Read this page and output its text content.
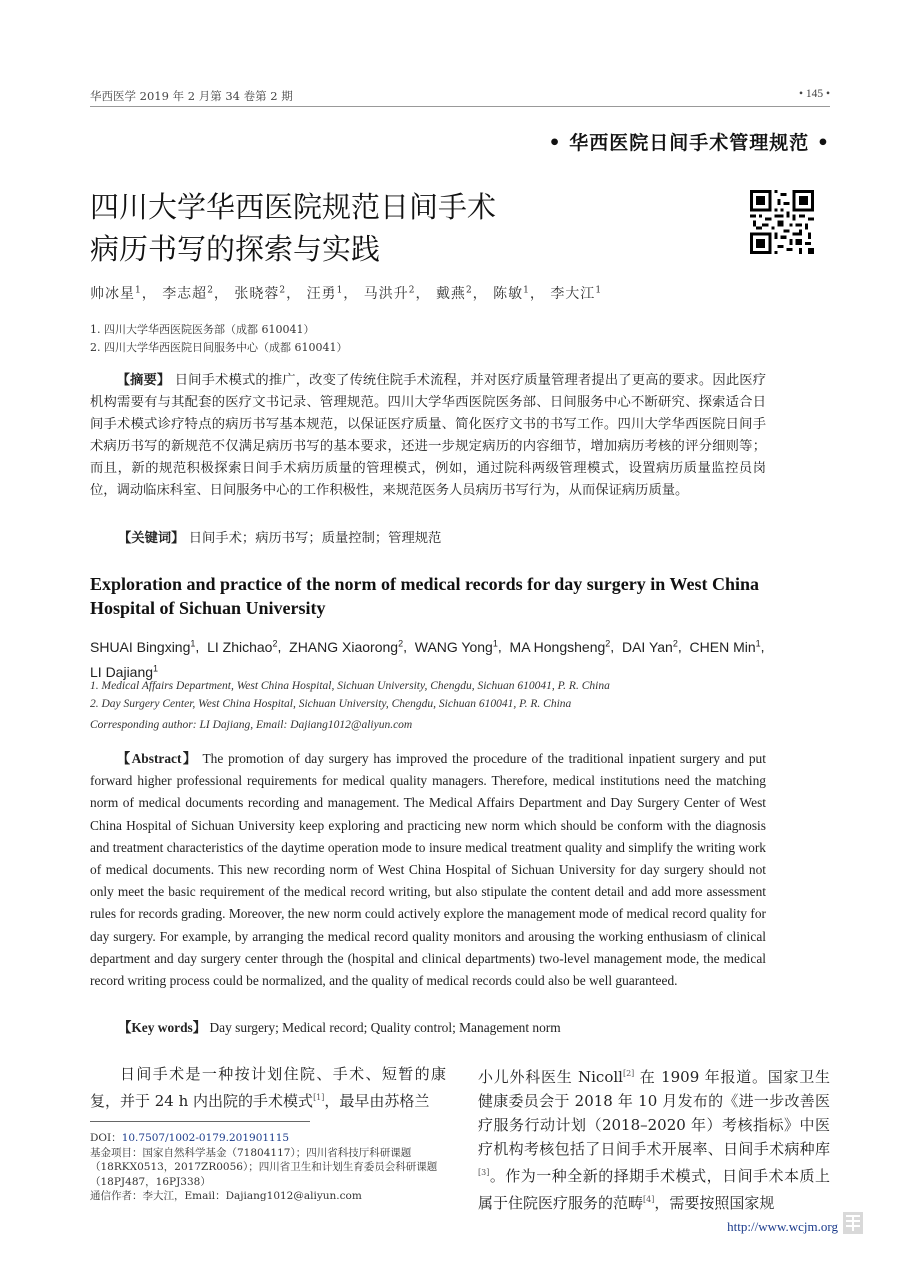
华西医学 2019 年 2 月第 34 卷第 2 期	• 145 •
• 华西医院日间手术管理规范 •
四川大学华西医院规范日间手术
病历书写的探索与实践
帅冰星$^1$， 李志超$^2$， 张晓蓉$^2$， 汪勇$^1$， 马洪升$^2$， 戴燕$^2$， 陈敏$^1$， 李大江$^1$
1. 四川大学华西医院医务部（成都 610041）
2. 四川大学华西医院日间服务中心（成都 610041）
【摘要】 日间手术模式的推广，改变了传统住院手术流程，并对医疗质量管理者提出了更高的要求。因此医疗机构需要有与其配套的医疗文书记录、管理规范。四川大学华西医院医务部、日间服务中心不断研究、探索适合日间手术模式诊疗特点的病历书写基本规范，以保证医疗质量、简化医疗文书的书写工作。四川大学华西医院日间手术病历书写的新规范不仅满足病历书写的基本要求，还进一步规定病历的内容细节，增加病历考核的评分细则等；而且，新的规范积极探索日间手术病历质量的管理模式，例如，通过院科两级管理模式，设置病历质量监控员岗位，调动临床科室、日间服务中心的工作积极性，来规范医务人员病历书写行为，从而保证病历质量。
【关键词】 日间手术；病历书写；质量控制；管理规范
Exploration and practice of the norm of medical records for day surgery in West China Hospital of Sichuan University
SHUAI Bingxing$^1$,  LI Zhichao$^2$,  ZHANG Xiaorong$^2$,  WANG Yong$^1$,  MA Hongsheng$^2$,  DAI Yan$^2$,  CHEN Min$^1$,
LI Dajiang$^1$
1. Medical Affairs Department, West China Hospital, Sichuan University, Chengdu, Sichuan 610041, P. R. China
2. Day Surgery Center, West China Hospital, Sichuan University, Chengdu, Sichuan 610041, P. R. China
Corresponding author: LI Dajiang, Email: Dajiang1012@aliyun.com
【Abstract】 The promotion of day surgery has improved the procedure of the traditional inpatient surgery and put forward higher professional requirements for medical quality managers. Therefore, medical institutions need the matching norm of medical documents recording and management. The Medical Affairs Department and Day Surgery Center of West China Hospital of Sichuan University keep exploring and practicing new norm which should be conform with the diagnosis and treatment characteristics of the daytime operation mode to insure medical treatment quality and simplify the writing work of medical documents. This new recording norm of West China Hospital of Sichuan University for day surgery should not only meet the basic requirement of the medical record writing, but also stipulate the content detail and add more assessment rules for records grading. Moreover, the new norm could actively explore the management mode of medical record quality for day surgery. For example, by arranging the medical record quality monitors and arousing the working enthusiasm of clinical department and day surgery center through the (hospital and clinical departments) two-level management mode, the medical record writing process could be normalized, and the quality of medical records could also be well guaranteed.
【Key words】 Day surgery; Medical record; Quality control; Management norm
日间手术是一种按计划住院、手术、短暂的康复，并于 24 h 内出院的手术模式[1]，最早由苏格兰
DOI：10.7507/1002-0179.201901115
基金项目：国家自然科学基金（71804117）；四川省科技厅科研课题（18RKX0513，2017ZR0056）；四川省卫生和计划生育委员会科研课题（18PJ487，16PJ338）
通信作者：李大江，Email：Dajiang1012@aliyun.com
小儿外科医生 Nicoll[2] 在 1909 年报道。国家卫生健康委员会于 2018 年 10 月发布的《进一步改善医疗服务行动计划（2018–2020 年）考核指标》中医疗机构考核包括了日间手术开展率、日间手术病种库[3]。作为一种全新的择期手术模式，日间手术本质上属于住院医疗服务的范畴[4]，需要按照国家规
http://www.wcjm.org
